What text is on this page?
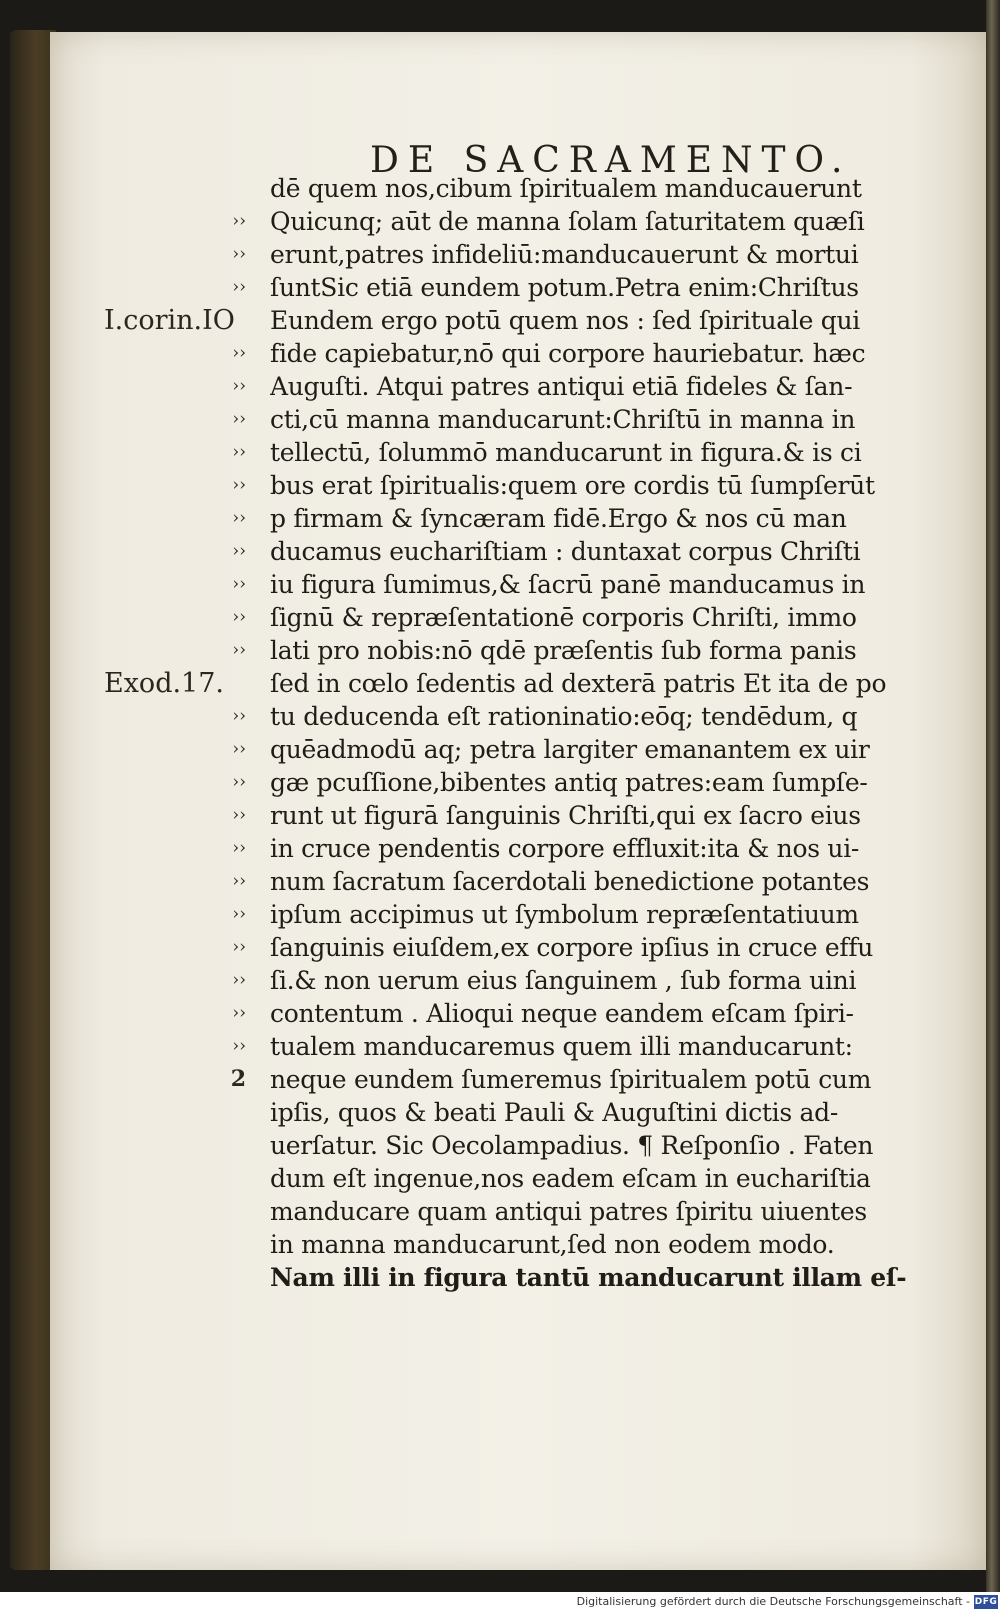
DE SACRAMENTO.
››
››
››
I.corin.IO
››
››
››
››
››
››
››
››
››
››
Exod.17.
››
››
››
››
››
››
››
››
››
››
››
2
dē quem nos,cibum ſpiritualem manducauerunt
Quicunq; aūt de manna ſolam ſaturitatem quæſi
erunt,patres infideliū:manducauerunt & mortui
ſuntSic etiā eundem potum.Petra enim:Chriſtus
Eundem ergo potū quem nos : ſed ſpirituale qui
fide capiebatur,nō qui corpore hauriebatur. hæc
Auguſti. Atqui patres antiqui etiā fideles & ſan-
cti,cū manna manducarunt:Chriſtū in manna in
tellectū, ſolummō manducarunt in figura.& is ci
bus erat ſpiritualis:quem ore cordis tū ſumpſerūt
p firmam & ſyncæram fidē.Ergo & nos cū man
ducamus euchariſtiam : duntaxat corpus Chriſti
iu figura ſumimus,& ſacrū panē manducamus in
ſignū & repræſentationē corporis Chriſti, immo
lati pro nobis:nō qdē præſentis ſub forma panis
ſed in cœlo ſedentis ad dexterā patris Et ita de po
tu deducenda eſt rationinatio:eōq; tendēdum, q
quēadmodū aq; petra largiter emanantem ex uir
gæ pcuſſione,bibentes antiq patres:eam ſumpſe-
runt ut figurā ſanguinis Chriſti,qui ex ſacro eius
in cruce pendentis corpore effluxit:ita & nos ui-
num ſacratum ſacerdotali benedictione potantes
ipſum accipimus ut ſymbolum repræſentatiuum
ſanguinis eiuſdem,ex corpore ipſius in cruce effu
ſi.& non uerum eius ſanguinem , ſub forma uini
contentum . Alioqui neque eandem eſcam ſpiri-
tualem manducaremus quem illi manducarunt:
neque eundem ſumeremus ſpiritualem potū cum
ipſis, quos & beati Pauli & Auguſtini dictis ad-
uerſatur. Sic Oecolampadius. ¶ Reſponſio . Faten
dum eſt ingenue,nos eadem eſcam in euchariſtia
manducare quam antiqui patres ſpiritu uiuentes
in manna manducarunt,ſed non eodem modo.
Nam illi in figura tantū manducarunt illam eſ-
Digitalisierung gefördert durch die Deutsche Forschungsgemeinschaft - DFG
